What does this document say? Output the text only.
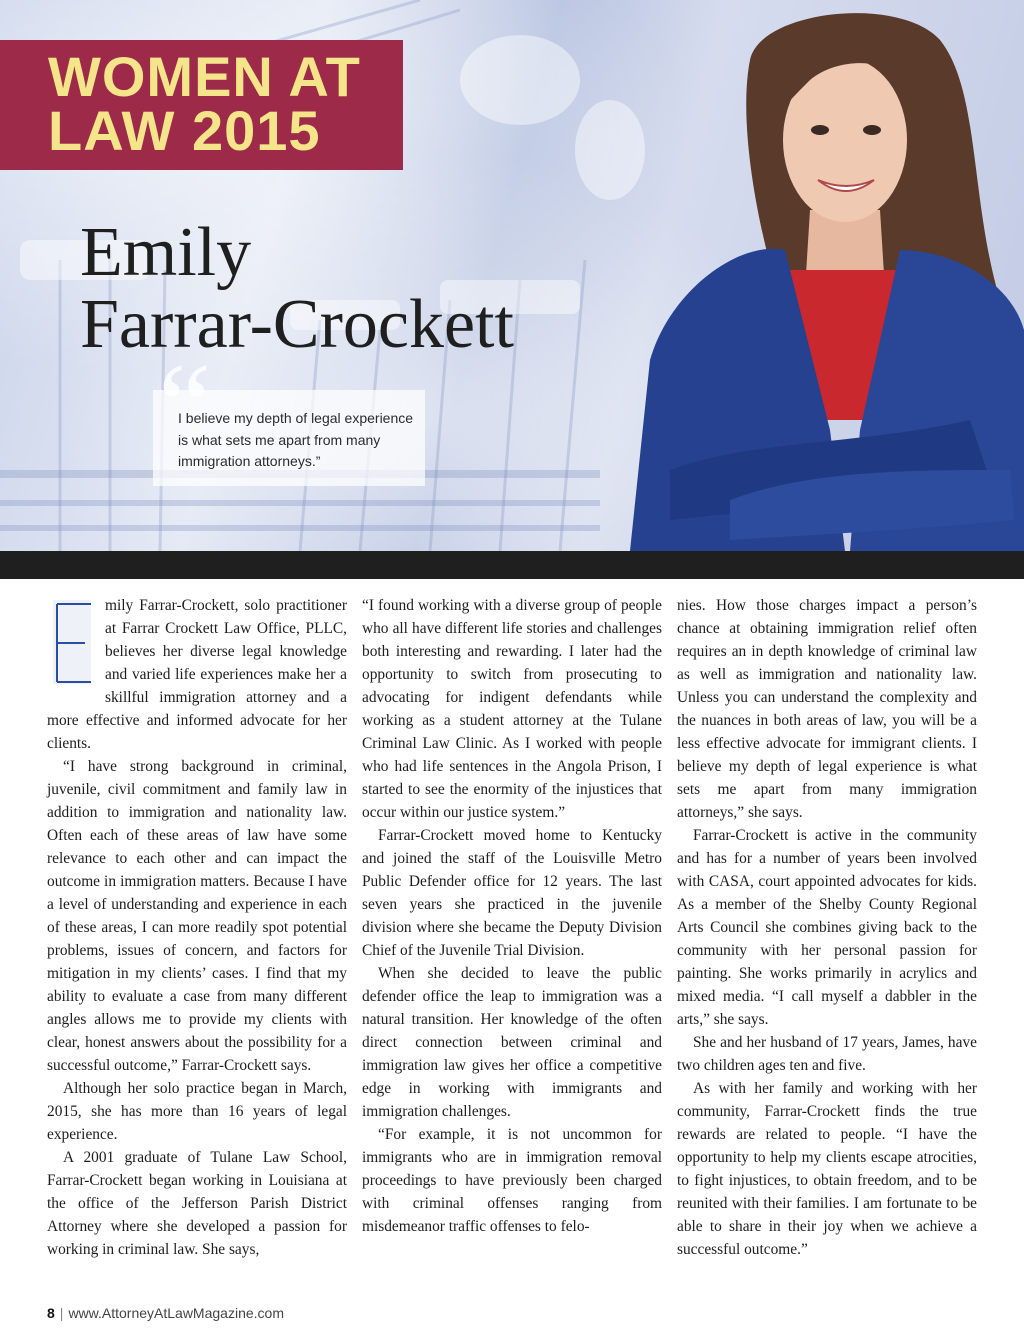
WOMEN AT
LAW 2015
Emily
Farrar-Crockett
I believe my depth of legal experience is what sets me apart from many immigration attorneys.”

mily Farrar-Crockett, solo practitioner at Farrar Crockett Law Office, PLLC, believes her diverse legal knowledge and varied life experiences make her a skillful immigration attorney and a more effective and informed advocate for her clients.

“I have strong background in criminal, juvenile, civil commitment and family law in addition to immigration and nationality law. Often each of these areas of law have some relevance to each other and can impact the outcome in immigration matters. Because I have a level of understanding and experience in each of these areas, I can more readily spot potential problems, issues of concern, and factors for mitigation in my clients’ cases. I find that my ability to evaluate a case from many different angles allows me to provide my clients with clear, honest answers about the possibility for a successful outcome,” Farrar-Crockett says.

Although her solo practice began in March, 2015, she has more than 16 years of legal experience.

A 2001 graduate of Tulane Law School, Farrar-Crockett began working in Louisiana at the office of the Jefferson Parish District Attorney where she developed a passion for working in criminal law. She says,

“I found working with a diverse group of people who all have different life stories and challenges both interesting and rewarding. I later had the opportunity to switch from prosecuting to advocating for indigent defendants while working as a student attorney at the Tulane Criminal Law Clinic. As I worked with people who had life sentences in the Angola Prison, I started to see the enormity of the injustices that occur within our justice system.”

Farrar-Crockett moved home to Kentucky and joined the staff of the Louisville Metro Public Defender office for 12 years. The last seven years she practiced in the juvenile division where she became the Deputy Division Chief of the Juvenile Trial Division.

When she decided to leave the public defender office the leap to immigration was a natural transition. Her knowledge of the often direct connection between criminal and immigration law gives her office a competitive edge in working with immigrants and immigration challenges.

“For example, it is not uncommon for immigrants who are in immigration removal proceedings to have previously been charged with criminal offenses ranging from misdemeanor traffic offenses to felo-

nies. How those charges impact a person’s chance at obtaining immigration relief often requires an in depth knowledge of criminal law as well as immigration and nationality law. Unless you can understand the complexity and the nuances in both areas of law, you will be a less effective advocate for immigrant clients. I believe my depth of legal experience is what sets me apart from many immigration attorneys,” she says.

Farrar-Crockett is active in the community and has for a number of years been involved with CASA, court appointed advocates for kids. As a member of the Shelby County Regional Arts Council she combines giving back to the community with her personal passion for painting. She works primarily in acrylics and mixed media. “I call myself a dabbler in the arts,” she says.

She and her husband of 17 years, James, have two children ages ten and five.

As with her family and working with her community, Farrar-Crockett finds the true rewards are related to people. “I have the opportunity to help my clients escape atrocities, to fight injustices, to obtain freedom, and to be reunited with their families. I am fortunate to be able to share in their joy when we achieve a successful outcome.”

8 | www.AttorneyAtLawMagazine.com
